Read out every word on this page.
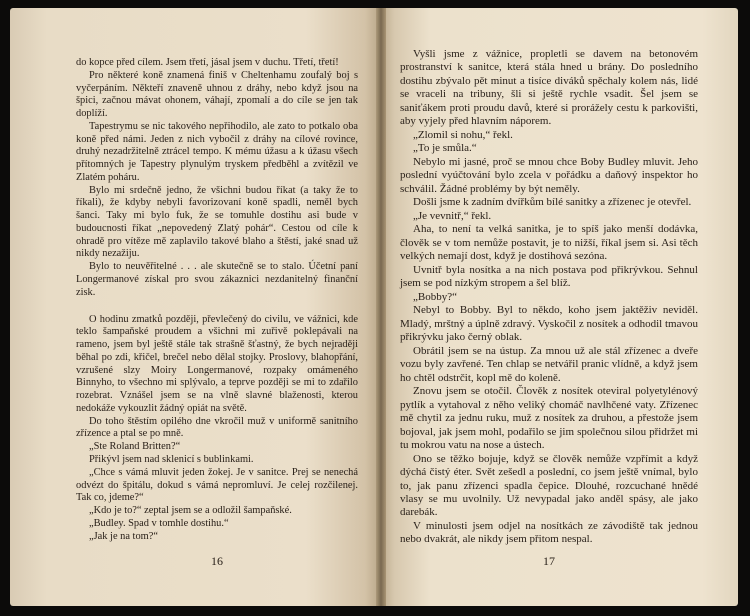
do kopce před cílem. Jsem třetí, jásal jsem v duchu. Třetí, třetí!

Pro některé koně znamená finiš v Cheltenhamu zoufalý boj s vyčerpáním. Někteří znaveně uhnou z dráhy, nebo když jsou na špici, začnou mávat ohonem, váhají, zpomalí a do cíle se jen tak doplíží.

Tapestrymu se nic takového nepřihodilo, ale zato to potkalo oba koně před námi. Jeden z nich vybočil z dráhy na cílové rovince, druhý nezadržitelně ztrácel tempo. K mému úžasu a k úžasu všech přítomných je Tapestry plynulým tryskem předběhl a zvítězil ve Zlatém poháru.

Bylo mi srdečně jedno, že všichni budou říkat (a taky že to říkali), že kdyby nebyli favorizovaní koně spadli, neměl bych šanci. Taky mi bylo fuk, že se tomuhle dostihu asi bude v budoucnosti říkat „nepovedený Zlatý pohár“. Cestou od cíle k ohradě pro vítěze mě zaplavilo takové blaho a štěstí, jaké snad už nikdy nezažiju.

Bylo to neuvěřitelné . . . ale skutečně se to stalo. Účetní paní Longermanové získal pro svou zákaznici nezdanitelný finanční zisk.

O hodinu zmatků později, převlečený do civilu, ve vážnici, kde teklo šampaňské proudem a všichni mi zuřivě poklepávali na rameno, jsem byl ještě stále tak strašně šťastný, že bych nejraději běhal po zdi, křičel, brečel nebo dělal stojky. Proslovy, blahopřání, vzrušené slzy Moiry Longermanové, rozpaky omámeného Binnyho, to všechno mi splývalo, a teprve později se mi to zdařilo rozebrat. Vznášel jsem se na vlně slavné blaženosti, kterou nedokáže vykouzlit žádný opiát na světě.

Do toho štěstím opilého dne vkročil muž v uniformě sanitního zřízence a ptal se po mně.

„Ste Roland Britten?“

Přikývl jsem nad sklenicí s bublinkami.

„Chce s vámá mluvit jeden žokej. Je v sanitce. Prej se nenechá odvézt do špitálu, dokud s vámá nepromluví. Je celej rozčilenej. Tak co, jdeme?“

„Kdo je to?“ zeptal jsem se a odložil šampaňské.

„Budley. Spad v tomhle dostihu.“

„Jak je na tom?“

16

Vyšli jsme z vážnice, propletli se davem na betonovém prostranství k sanitce, která stála hned u brány. Do posledního dostihu zbývalo pět minut a tisíce diváků spěchaly kolem nás, lidé se vraceli na tribuny, šli si ještě rychle vsadit. Šel jsem se saniťákem proti proudu davů, které si prorážely cestu k parkovišti, aby vyjely před hlavním náporem.

„Zlomil si nohu,“ řekl.

„To je smůla.“

Nebylo mi jasné, proč se mnou chce Boby Budley mluvit. Jeho poslední vyúčtování bylo zcela v pořádku a daňový inspektor ho schválil. Žádné problémy by být neměly.

Došli jsme k zadním dvířkům bílé sanitky a zřízenec je otevřel.

„Je vevnitř,“ řekl.

Aha, to není ta velká sanitka, je to spíš jako menší dodávka, člověk se v tom nemůže postavit, je to nižší, říkal jsem si. Asi těch velkých nemají dost, když je dostihová sezóna.

Uvnitř byla nosítka a na nich postava pod přikrývkou. Sehnul jsem se pod nízkým stropem a šel blíž.

„Bobby?“

Nebyl to Bobby. Byl to někdo, koho jsem jaktěživ neviděl. Mladý, mrštný a úplně zdravý. Vyskočil z nosítek a odhodil tmavou přikrývku jako černý oblak.

Obrátil jsem se na ústup. Za mnou už ale stál zřízenec a dveře vozu byly zavřené. Ten chlap se netvářil pranic vlídně, a když jsem ho chtěl odstrčit, kopl mě do koleně.

Znovu jsem se otočil. Člověk z nosítek oteviral polyetylénový pytlík a vytahoval z něho veliký chomáč navlhčené vaty. Zřízenec mě chytil za jednu ruku, muž z nosítek za druhou, a přestože jsem bojoval, jak jsem mohl, podařilo se jim společnou silou přidržet mi tu mokrou vatu na nose a ústech.

Ono se těžko bojuje, když se člověk nemůže vzpřímit a když dýchá čistý éter. Svět zešedl a poslední, co jsem ještě vnímal, bylo to, jak panu zřízenci spadla čepice. Dlouhé, rozcuchané hnědé vlasy se mu uvolnily. Už nevypadal jako anděl spásy, ale jako darebák.

V minulosti jsem odjel na nosítkách ze závodiště tak jednou nebo dvakrát, ale nikdy jsem přitom nespal.

17
